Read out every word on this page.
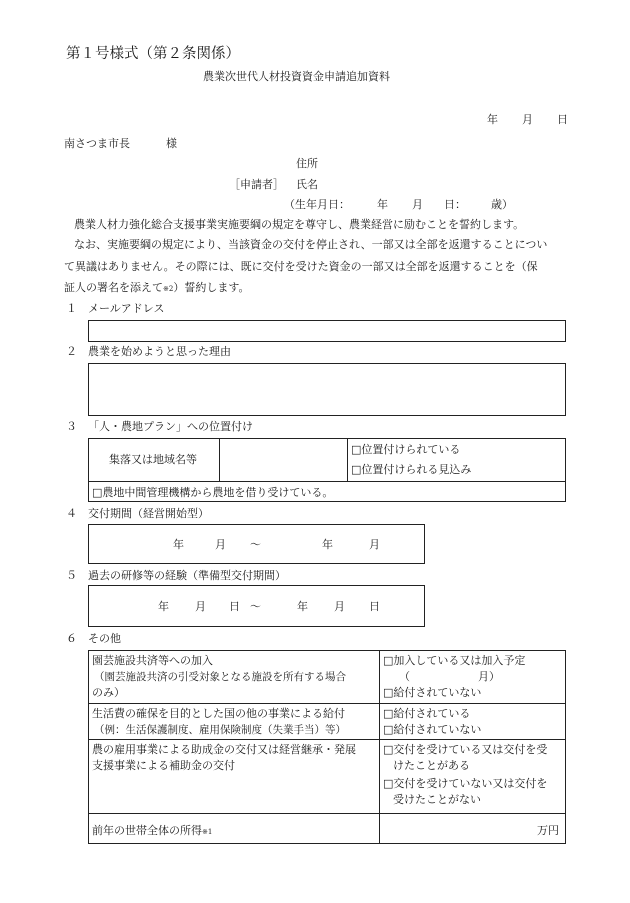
第１号様式（第２条関係）
農業次世代人材投資資金申請追加資料
年 月 日
南さつま市長	様
住所
［申請者］ 氏名
（生年月日： 年 月 日： 歳）
農業人材力強化総合支援事業実施要綱の規定を尊守し、農業経営に励むことを誓約します。
なお、実施要綱の規定により、当該資金の交付を停止され、一部又は全部を返還することについ
て異議はありません。その際には、既に交付を受けた資金の一部又は全部を返還することを（保
証人の署名を添えて※2）誓約します。
１ メールアドレス
２ 農業を始めようと思った理由
３ 「人・農地プラン」への位置付け
集落又は地域名等
□位置付けられている
□位置付けられる見込み
□農地中間管理機構から農地を借り受けている。
４ 交付期間（経営開始型）
年	月 ～	年	月
５ 過去の研修等の経験（準備型交付期間）
年 月 日 ～	年 月 日
６ その他
園芸施設共済等への加入
（園芸施設共済の引受対象となる施設を所有する場合
のみ）
□加入している又は加入予定
（	月）
□給付されていない
生活費の確保を目的とした国の他の事業による給付
（例：生活保護制度、雇用保険制度（失業手当）等）
□給付されている
□給付されていない
農の雇用事業による助成金の交付又は経営継承・発展
支援事業による補助金の交付
□交付を受けている又は交付を受
けたことがある
□交付を受けていない又は交付を
受けたことがない
前年の世帯全体の所得※1	万円
